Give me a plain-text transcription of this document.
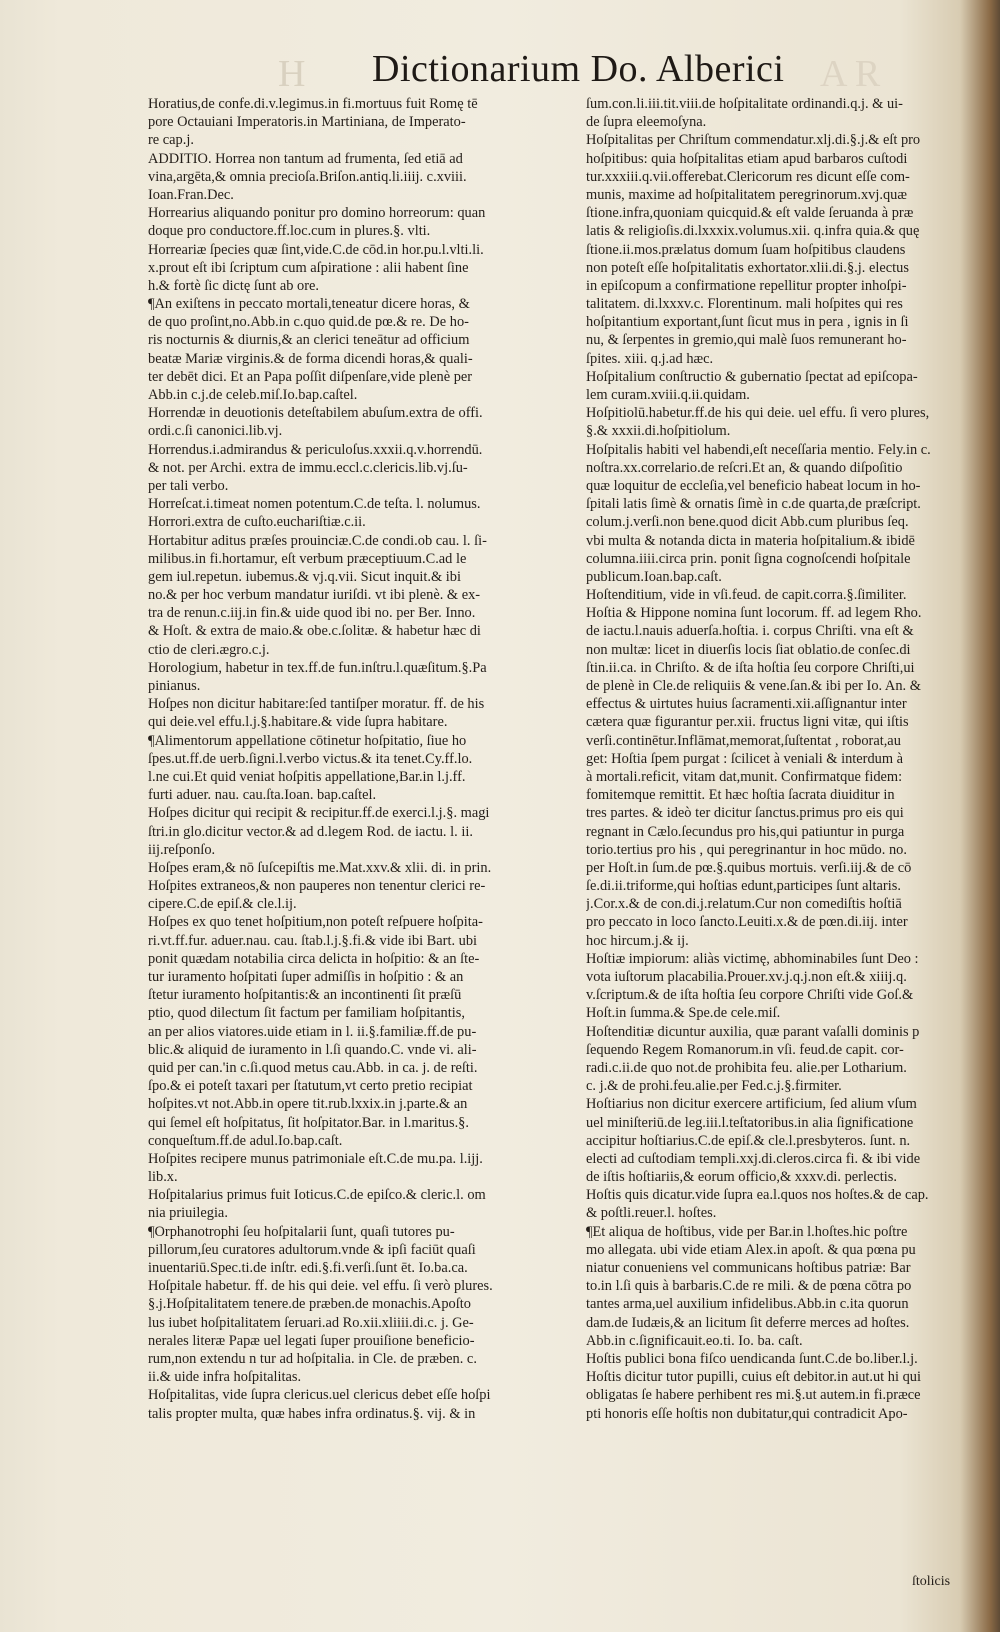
H	A R
Dictionarium Do. Alberici
Horatius,de confe.di.v.legimus.in fi.mortuus fuit Romę tē
pore Octauiani Imperatoris.in Martiniana, de Imperato-
re cap.j.
ADDITIO. Horrea non tantum ad frumenta, ſed etiā ad
vina,argēta,& omnia precioſa.Briſon.antiq.li.iiij. c.xviii.
Ioan.Fran.Dec.
Horrearius aliquando ponitur pro domino horreorum: quan
doque pro conductore.ff.loc.cum in plures.§. vlti.
Horreariæ ſpecies quæ ſint,vide.C.de cōd.in hor.pu.l.vlti.li.
x.prout eſt ibi ſcriptum cum aſpiratione : alii habent ſine
h.& fortè ſic dictę ſunt ab ore.
¶An exiſtens in peccato mortali,teneatur dicere horas, &
de quo proſint,no.Abb.in c.quo quid.de pœ.& re. De ho-
ris nocturnis & diurnis,& an clerici teneātur ad officium
beatæ Mariæ virginis.& de forma dicendi horas,& quali-
ter debēt dici. Et an Papa poſſit diſpenſare,vide plenè per
Abb.in c.j.de celeb.miſ.Io.bap.caſtel.
Horrendæ in deuotionis deteſtabilem abuſum.extra de offi.
ordi.c.ſi canonici.lib.vj.
Horrendus.i.admirandus & periculoſus.xxxii.q.v.horrendū.
& not. per Archi. extra de immu.eccl.c.clericis.lib.vj.ſu-
per tali verbo.
Horreſcat.i.timeat nomen potentum.C.de teſta. l. nolumus.
Horrori.extra de cuſto.euchariſtiæ.c.ii.
Hortabitur aditus præſes prouinciæ.C.de condi.ob cau. l. ſi-
milibus.in fi.hortamur, eſt verbum præceptiuum.C.ad le
gem iul.repetun. iubemus.& vj.q.vii. Sicut inquit.& ibi
no.& per hoc verbum mandatur iuriſdi. vt ibi plenè. & ex-
tra de renun.c.iij.in fin.& uide quod ibi no. per Ber. Inno.
& Hoſt. & extra de maio.& obe.c.ſolitæ. & habetur hæc di
ctio de cleri.ægro.c.j.
Horologium, habetur in tex.ff.de fun.inſtru.l.quæſitum.§.Pa
pinianus.
Hoſpes non dicitur habitare:ſed tantiſper moratur. ff. de his
qui deie.vel effu.l.j.§.habitare.& vide ſupra habitare.
¶Alimentorum appellatione cōtinetur hoſpitatio, ſiue ho
ſpes.ut.ff.de uerb.ſigni.l.verbo victus.& ita tenet.Cy.ff.lo.
l.ne cui.Et quid veniat hoſpitis appellatione,Bar.in l.j.ff.
furti aduer. nau. cau.ſta.Ioan. bap.caſtel.
Hoſpes dicitur qui recipit & recipitur.ff.de exerci.l.j.§. magi
ſtri.in glo.dicitur vector.& ad d.legem Rod. de iactu. l. ii.
iij.reſponſo.
Hoſpes eram,& nō ſuſcepiſtis me.Mat.xxv.& xlii. di. in prin.
Hoſpites extraneos,& non pauperes non tenentur clerici re-
cipere.C.de epiſ.& cle.l.ij.
Hoſpes ex quo tenet hoſpitium,non poteſt reſpuere hoſpita-
ri.vt.ff.fur. aduer.nau. cau. ſtab.l.j.§.fi.& vide ibi Bart. ubi
ponit quædam notabilia circa delicta in hoſpitio: & an ſte-
tur iuramento hoſpitati ſuper admiſſis in hoſpitio : & an
ſtetur iuramento hoſpitantis:& an incontinenti ſit præſū
ptio, quod dilectum ſit factum per familiam hoſpitantis,
an per alios viatores.uide etiam in l. ii.§.familiæ.ff.de pu-
blic.& aliquid de iuramento in l.ſi quando.C. vnde vi. ali-
quid per can.'in c.ſi.quod metus cau.Abb. in ca. j. de reſti.
ſpo.& ei poteſt taxari per ſtatutum,vt certo pretio recipiat
hoſpites.vt not.Abb.in opere tit.rub.lxxix.in j.parte.& an
qui ſemel eſt hoſpitatus, ſit hoſpitator.Bar. in l.maritus.§.
conqueſtum.ff.de adul.Io.bap.caſt.
Hoſpites recipere munus patrimoniale eſt.C.de mu.pa. l.ijj.
lib.x.
Hoſpitalarius primus fuit Ioticus.C.de epiſco.& cleric.l. om
nia priuilegia.
¶Orphanotrophi ſeu hoſpitalarii ſunt, quaſi tutores pu-
pillorum,ſeu curatores adultorum.vnde & ipſi faciūt quaſi
inuentariū.Spec.ti.de inſtr. edi.§.fi.verſi.ſunt ēt. Io.ba.ca.
Hoſpitale habetur. ff. de his qui deie. vel effu. ſi verò plures.
§.j.Hoſpitalitatem tenere.de præben.de monachis.Apoſto
lus iubet hoſpitalitatem ſeruari.ad Ro.xii.xliiii.di.c. j. Ge-
nerales literæ Papæ uel legati ſuper prouiſione beneficio-
rum,non extendu n tur ad hoſpitalia. in Cle. de præben. c.
ii.& uide infra hoſpitalitas.
Hoſpitalitas, vide ſupra clericus.uel clericus debet eſſe hoſpi
talis propter multa, quæ habes infra ordinatus.§. vij. & in
ſum.con.li.iii.tit.viii.de hoſpitalitate ordinandi.q.j. & ui-
de ſupra eleemoſyna.
Hoſpitalitas per Chriſtum commendatur.xlj.di.§.j.& eſt pro
hoſpitibus: quia hoſpitalitas etiam apud barbaros cuſtodi
tur.xxxiii.q.vii.offerebat.Clericorum res dicunt eſſe com-
munis, maxime ad hoſpitalitatem peregrinorum.xvj.quæ
ſtione.infra,quoniam quicquid.& eſt valde ſeruanda à præ
latis & religioſis.di.lxxxix.volumus.xii. q.infra quia.& quę
ſtione.ii.mos.prælatus domum ſuam hoſpitibus claudens
non poteſt eſſe hoſpitalitatis exhortator.xlii.di.§.j. electus
in epiſcopum a confirmatione repellitur propter inhoſpi-
talitatem. di.lxxxv.c. Florentinum. mali hoſpites qui res
hoſpitantium exportant,ſunt ſicut mus in pera , ignis in ſi
nu, & ſerpentes in gremio,qui malè ſuos remunerant ho-
ſpites. xiii. q.j.ad hæc.
Hoſpitalium conſtructio & gubernatio ſpectat ad epiſcopa-
lem curam.xviii.q.ii.quidam.
Hoſpitiolū.habetur.ff.de his qui deie. uel effu. ſi vero plures,
§.& xxxii.di.hoſpitiolum.
Hoſpitalis habiti vel habendi,eſt neceſſaria mentio. Fely.in c.
noſtra.xx.correlario.de reſcri.Et an, & quando diſpoſitio
quæ loquitur de eccleſia,vel beneficio habeat locum in ho-
ſpitali latis ſimè & ornatis ſimè in c.de quarta,de præſcript.
colum.j.verſi.non bene.quod dicit Abb.cum pluribus ſeq.
vbi multa & notanda dicta in materia hoſpitalium.& ibidē
columna.iiii.circa prin. ponit ſigna cognoſcendi hoſpitale
publicum.Ioan.bap.caſt.
Hoſtenditium, vide in vſi.feud. de capit.corra.§.ſimiliter.
Hoſtia & Hippone nomina ſunt locorum. ff. ad legem Rho.
de iactu.l.nauis aduerſa.hoſtia. i. corpus Chriſti. vna eſt &
non multæ: licet in diuerſis locis ſiat oblatio.de conſec.di
ſtin.ii.ca. in Chriſto. & de iſta hoſtia ſeu corpore Chriſti,ui
de plenè in Cle.de reliquiis & vene.ſan.& ibi per Io. An. &
effectus & uirtutes huius ſacramenti.xii.aſſignantur inter
cætera quæ figurantur per.xii. fructus ligni vitæ, qui iſtis
verſi.continētur.Inflāmat,memorat,ſuſtentat , roborat,au
get: Hoſtia ſpem purgat : ſcilicet à veniali & interdum à
à mortali.reficit, vitam dat,munit. Confirmatque fidem:
fomitemque remittit. Et hæc hoſtia ſacrata diuiditur in
tres partes. & ideò ter dicitur ſanctus.primus pro eis qui
regnant in Cælo.ſecundus pro his,qui patiuntur in purga
torio.tertius pro his , qui peregrinantur in hoc mūdo. no.
per Hoſt.in ſum.de pœ.§.quibus mortuis. verſi.iij.& de cō
ſe.di.ii.triforme,qui hoſtias edunt,participes ſunt altaris.
j.Cor.x.& de con.di.j.relatum.Cur non comediſtis hoſtiā
pro peccato in loco ſancto.Leuiti.x.& de pœn.di.iij. inter
hoc hircum.j.& ij.
Hoſtiæ impiorum: aliàs victimę, abhominabiles ſunt Deo :
vota iuſtorum placabilia.Prouer.xv.j.q.j.non eſt.& xiiij.q.
v.ſcriptum.& de iſta hoſtia ſeu corpore Chriſti vide Goſ.&
Hoſt.in ſumma.& Spe.de cele.miſ.
Hoſtenditiæ dicuntur auxilia, quæ parant vaſalli dominis p
ſequendo Regem Romanorum.in vſi. feud.de capit. cor-
radi.c.ii.de quo not.de prohibita feu. alie.per Lotharium.
c. j.& de prohi.feu.alie.per Fed.c.j.§.firmiter.
Hoſtiarius non dicitur exercere artificium, ſed alium vſum
uel miniſteriū.de leg.iii.l.teſtatoribus.in alia ſignificatione
accipitur hoſtiarius.C.de epiſ.& cle.l.presbyteros. ſunt. n.
electi ad cuſtodiam templi.xxj.di.cleros.circa fi. & ibi vide
de iſtis hoſtiariis,& eorum officio,& xxxv.di. perlectis.
Hoſtis quis dicatur.vide ſupra ea.l.quos nos hoſtes.& de cap.
& poſtli.reuer.l. hoſtes.
¶Et aliqua de hoſtibus, vide per Bar.in l.hoſtes.hic poſtre
mo allegata. ubi vide etiam Alex.in apoſt. & qua pœna pu
niatur conueniens vel communicans hoſtibus patriæ: Bar
to.in l.ſi quis à barbaris.C.de re mili. & de pœna cōtra po
tantes arma,uel auxilium infidelibus.Abb.in c.ita quorun
dam.de Iudæis,& an licitum ſit deferre merces ad hoſtes.
Abb.in c.ſignificauit.eo.ti. Io. ba. caſt.
Hoſtis publici bona fiſco uendicanda ſunt.C.de bo.liber.l.j.
Hoſtis dicitur tutor pupilli, cuius eſt debitor.in aut.ut hi qui
obligatas ſe habere perhibent res mi.§.ut autem.in fi.præce
pti honoris eſſe hoſtis non dubitatur,qui contradicit Apo-
ſtolicis
